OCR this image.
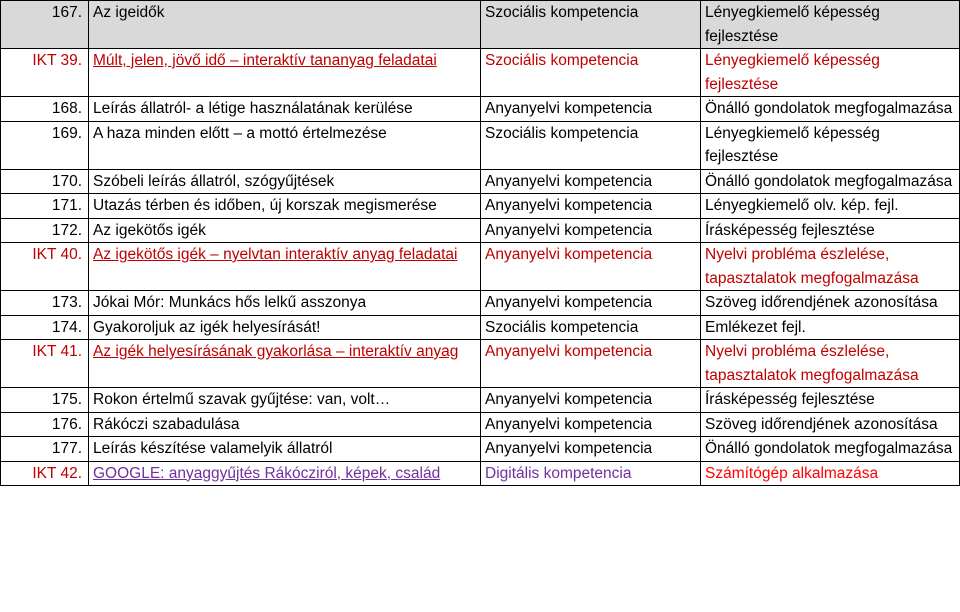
167.	Az igeidők	Szociális kompetencia	Lényegkiemelő képesség fejlesztése
IKT 39.	Múlt, jelen, jövő idő – interaktív tananyag feladatai	Szociális kompetencia	Lényegkiemelő képesség fejlesztése
168.	Leírás állatról- a létige használatának kerülése	Anyanyelvi kompetencia	Önálló gondolatok megfogalmazása
169.	A haza minden előtt – a mottó értelmezése	Szociális kompetencia	Lényegkiemelő képesség fejlesztése
170.	Szóbeli leírás állatról, szógyűjtések	Anyanyelvi kompetencia	Önálló gondolatok megfogalmazása
171.	Utazás térben és időben, új korszak megismerése	Anyanyelvi kompetencia	Lényegkiemelő olv. kép. fejl.
172.	Az igekötős igék	Anyanyelvi kompetencia	Írásképesség fejlesztése
IKT 40.	Az igekötős igék – nyelvtan interaktív anyag feladatai	Anyanyelvi kompetencia	Nyelvi probléma észlelése, tapasztalatok megfogalmazása
173.	Jókai Mór: Munkács hős lelkű asszonya	Anyanyelvi kompetencia	Szöveg időrendjének azonosítása
174.	Gyakoroljuk az igék helyesírását!	Szociális kompetencia	Emlékezet fejl.
IKT 41.	Az igék helyesírásának gyakorlása – interaktív anyag	Anyanyelvi kompetencia	Nyelvi probléma észlelése, tapasztalatok megfogalmazása
175.	Rokon értelmű szavak gyűjtése: van, volt…	Anyanyelvi kompetencia	Írásképesség fejlesztése
176.	Rákóczi szabadulása	Anyanyelvi kompetencia	Szöveg időrendjének azonosítása
177.	Leírás készítése valamelyik állatról	Anyanyelvi kompetencia	Önálló gondolatok megfogalmazása
IKT 42.	GOOGLE: anyaggyűjtés Rákócziról, képek, család	Digitális kompetencia	Számítógép alkalmazása
